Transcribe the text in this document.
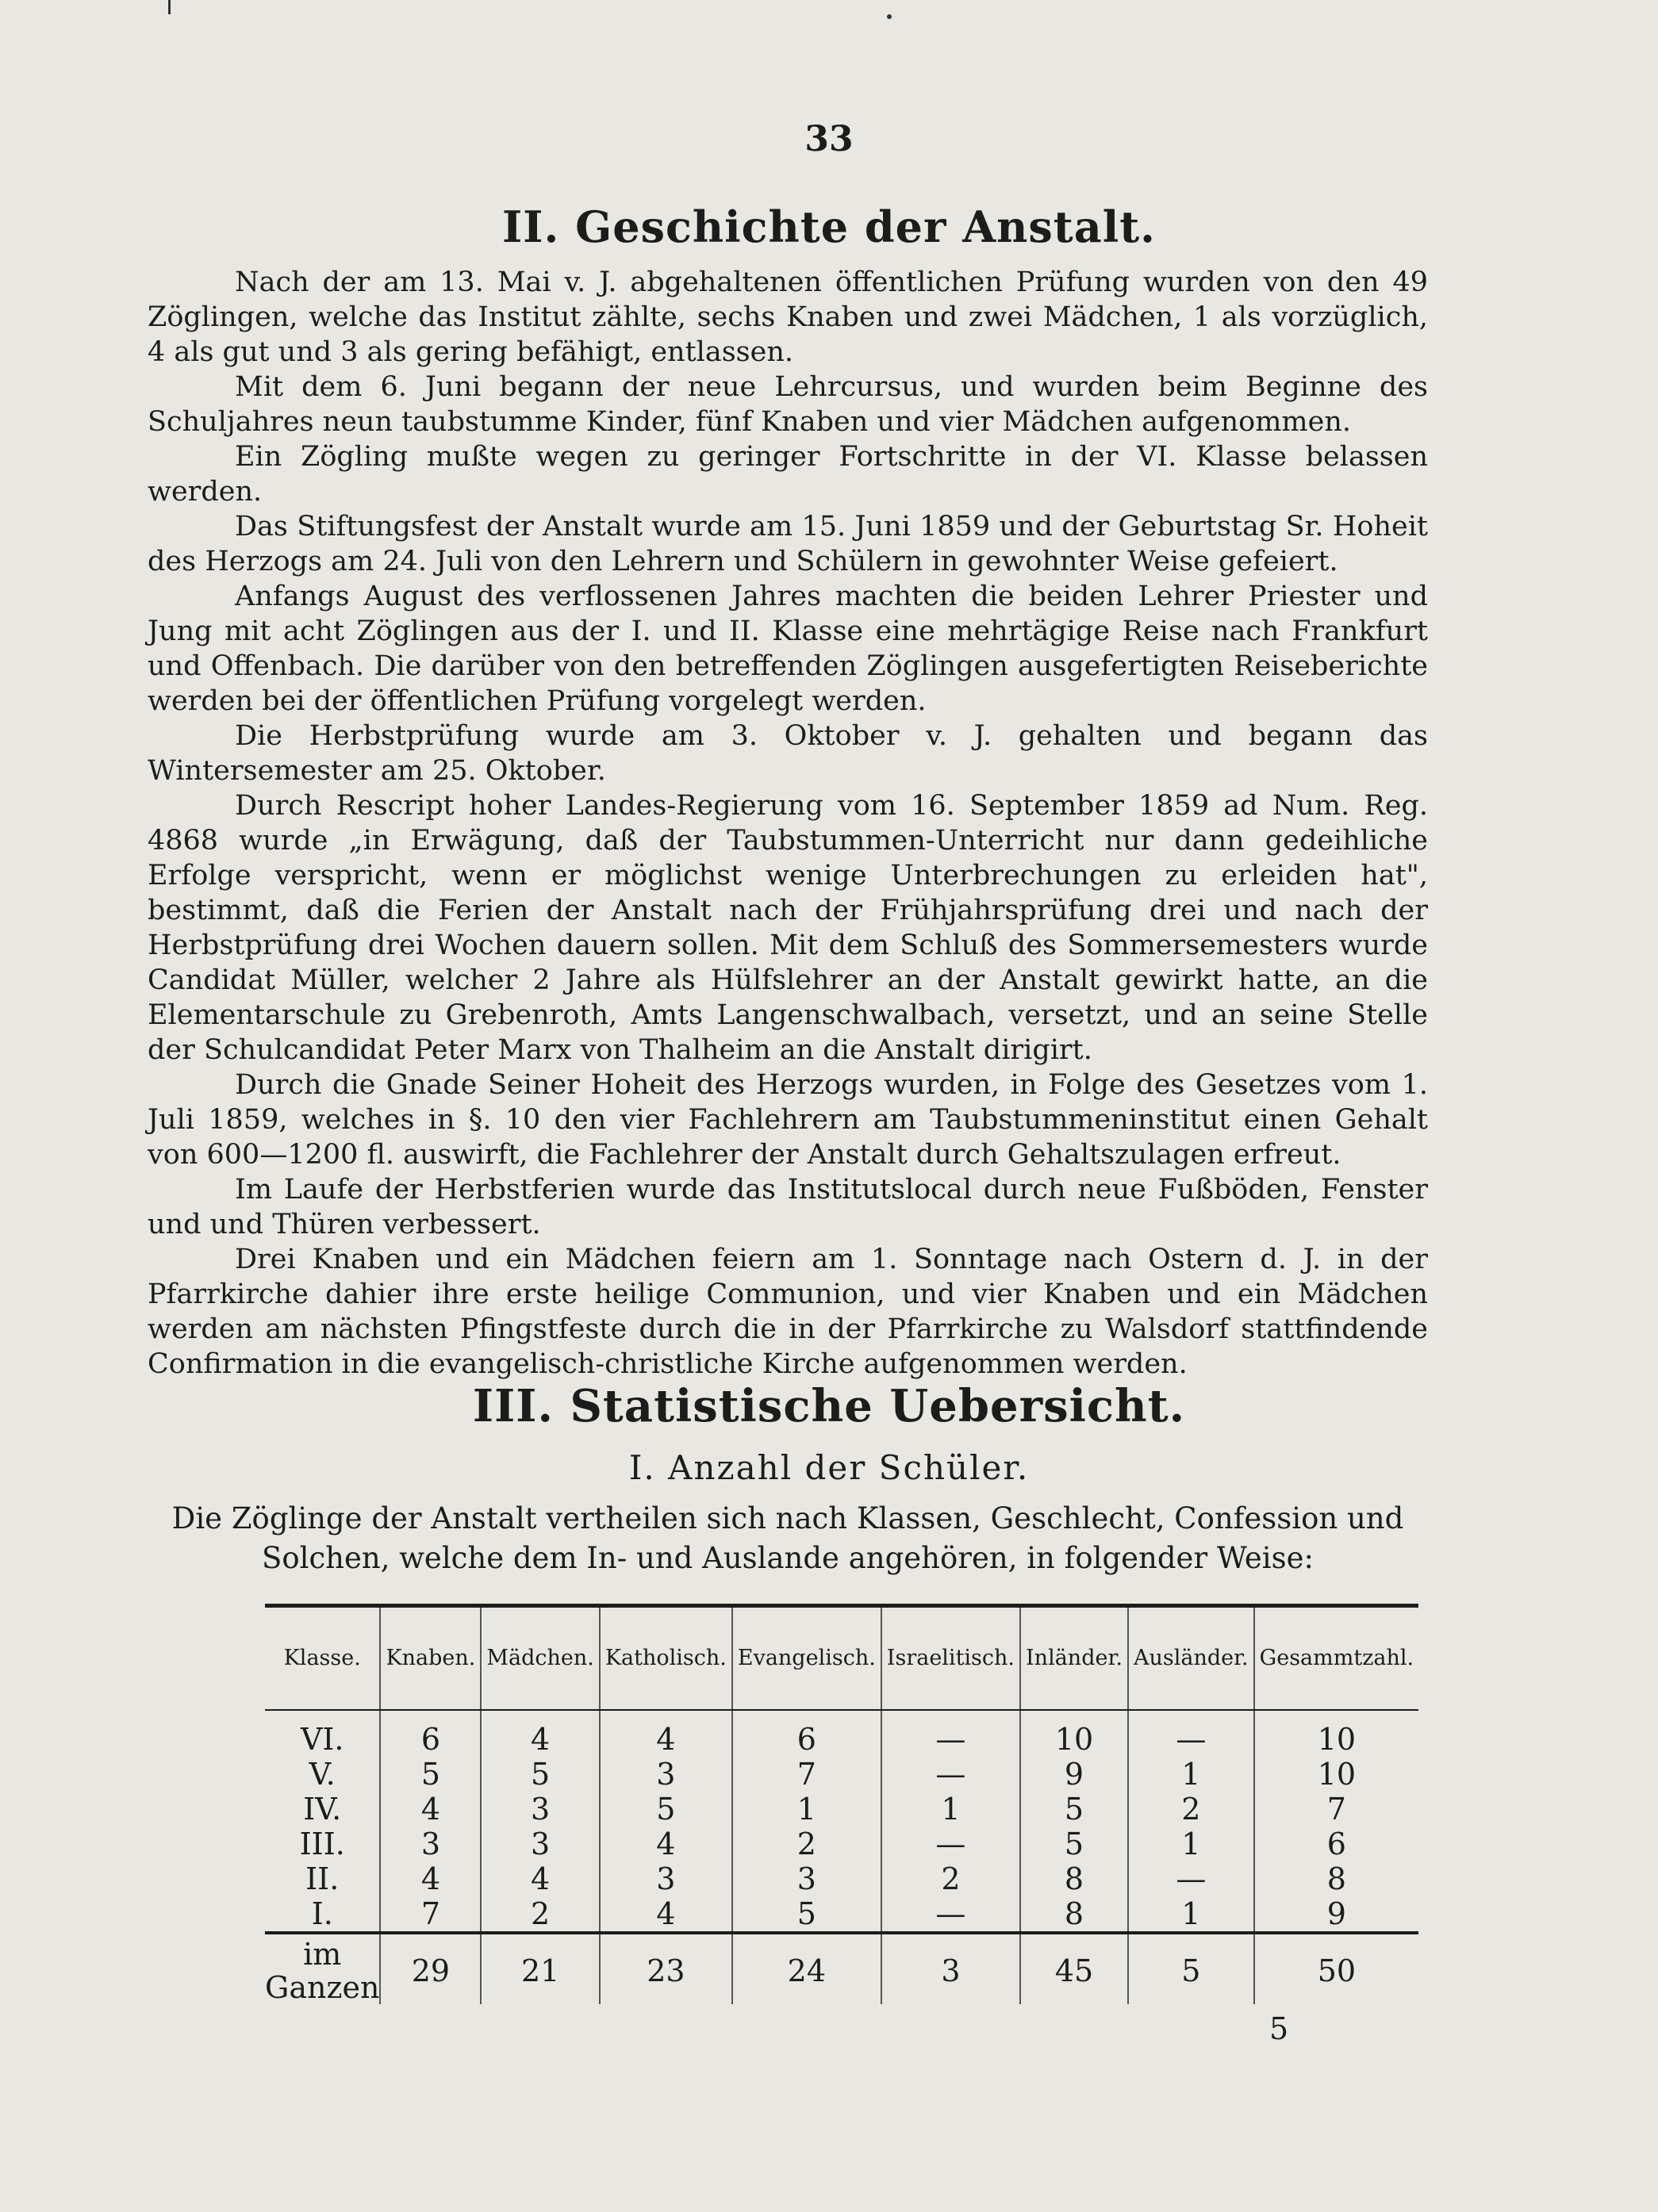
33
II. Geschichte der Anstalt.

Nach der am 13. Mai v. J. abgehaltenen öffentlichen Prüfung wurden von den 49 Zöglingen, welche das Institut zählte, sechs Knaben und zwei Mädchen, 1 als vorzüglich, 4 als gut und 3 als gering befähigt, entlassen.

Mit dem 6. Juni begann der neue Lehrcursus, und wurden beim Beginne des Schuljahres neun taubstumme Kinder, fünf Knaben und vier Mädchen aufgenommen.

Ein Zögling mußte wegen zu geringer Fortschritte in der VI. Klasse belassen werden.

Das Stiftungsfest der Anstalt wurde am 15. Juni 1859 und der Geburtstag Sr. Hoheit des Herzogs am 24. Juli von den Lehrern und Schülern in gewohnter Weise gefeiert.

Anfangs August des verflossenen Jahres machten die beiden Lehrer Priester und Jung mit acht Zöglingen aus der I. und II. Klasse eine mehrtägige Reise nach Frankfurt und Offenbach. Die darüber von den betreffenden Zöglingen ausgefertigten Reiseberichte werden bei der öffentlichen Prüfung vorgelegt werden.

Die Herbstprüfung wurde am 3. Oktober v. J. gehalten und begann das Wintersemester am 25. Oktober.

Durch Rescript hoher Landes-Regierung vom 16. September 1859 ad Num. Reg. 4868 wurde „in Erwägung, daß der Taubstummen-Unterricht nur dann gedeihliche Erfolge verspricht, wenn er möglichst wenige Unterbrechungen zu erleiden hat", bestimmt, daß die Ferien der Anstalt nach der Frühjahrsprüfung drei und nach der Herbstprüfung drei Wochen dauern sollen. Mit dem Schluß des Sommersemesters wurde Candidat Müller, welcher 2 Jahre als Hülfslehrer an der Anstalt gewirkt hatte, an die Elementarschule zu Grebenroth, Amts Langenschwalbach, versetzt, und an seine Stelle der Schulcandidat Peter Marx von Thalheim an die Anstalt dirigirt.

Durch die Gnade Seiner Hoheit des Herzogs wurden, in Folge des Gesetzes vom 1. Juli 1859, welches in §. 10 den vier Fachlehrern am Taubstummeninstitut einen Gehalt von 600—1200 fl. auswirft, die Fachlehrer der Anstalt durch Gehaltszulagen erfreut.

Im Laufe der Herbstferien wurde das Institutslocal durch neue Fußböden, Fenster und und Thüren verbessert.

Drei Knaben und ein Mädchen feiern am 1. Sonntage nach Ostern d. J. in der Pfarrkirche dahier ihre erste heilige Communion, und vier Knaben und ein Mädchen werden am nächsten Pfingstfeste durch die in der Pfarrkirche zu Walsdorf stattfindende Confirmation in die evangelisch-christliche Kirche aufgenommen werden.

III. Statistische Uebersicht.
I. Anzahl der Schüler.
Die Zöglinge der Anstalt vertheilen sich nach Klassen, Geschlecht, Confession und Solchen, welche dem In- und Auslande angehören, in folgender Weise:
Klasse.	Knaben.	Mädchen.	Katholisch.	Evangelisch.	Israelitisch.	Inländer.	Ausländer.	Gesammtzahl.
VI.	6	4	4	6	—	10	—	10
V.	5	5	3	7	—	9	1	10
IV.	4	3	5	1	1	5	2	7
III.	3	3	4	2	—	5	1	6
II.	4	4	3	3	2	8	—	8
I.	7	2	4	5	—	8	1	9
im Ganzen	29	21	23	24	3	45	5	50
5
